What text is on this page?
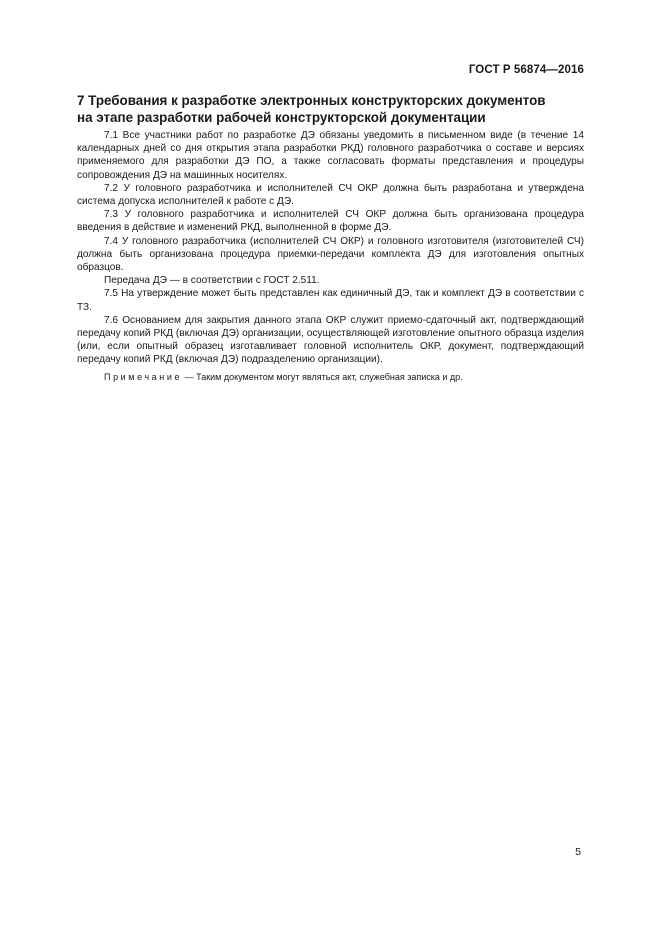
ГОСТ Р 56874—2016
7 Требования к разработке электронных конструкторских документов
на этапе разработки рабочей конструкторской документации

7.1 Все участники работ по разработке ДЭ обязаны уведомить в письменном виде (в течение 14 календарных дней со дня открытия этапа разработки РКД) головного разработчика о составе и версиях применяемого для разработки ДЭ ПО, а также согласовать форматы представления и процедуры сопровождения ДЭ на машинных носителях.

7.2 У головного разработчика и исполнителей СЧ ОКР должна быть разработана и утверждена система допуска исполнителей к работе с ДЭ.

7.3 У головного разработчика и исполнителей СЧ ОКР должна быть организована процедура введения в действие и изменений РКД, выполненной в форме ДЭ.

7.4 У головного разработчика (исполнителей СЧ ОКР) и головного изготовителя (изготовителей СЧ) должна быть организована процедура приемки-передачи комплекта ДЭ для изготовления опытных образцов.

Передача ДЭ — в соответствии с ГОСТ 2.511.

7.5 На утверждение может быть представлен как единичный ДЭ, так и комплект ДЭ в соответствии с ТЗ.

7.6 Основанием для закрытия данного этапа ОКР служит приемо-сдаточный акт, подтверждающий передачу копий РКД (включая ДЭ) организации, осуществляющей изготовление опытного образца изделия (или, если опытный образец изготавливает головной исполнитель ОКР, документ, подтверждающий передачу копий РКД (включая ДЭ) подразделению организации).

Примечание — Таким документом могут являться акт, служебная записка и др.

5
